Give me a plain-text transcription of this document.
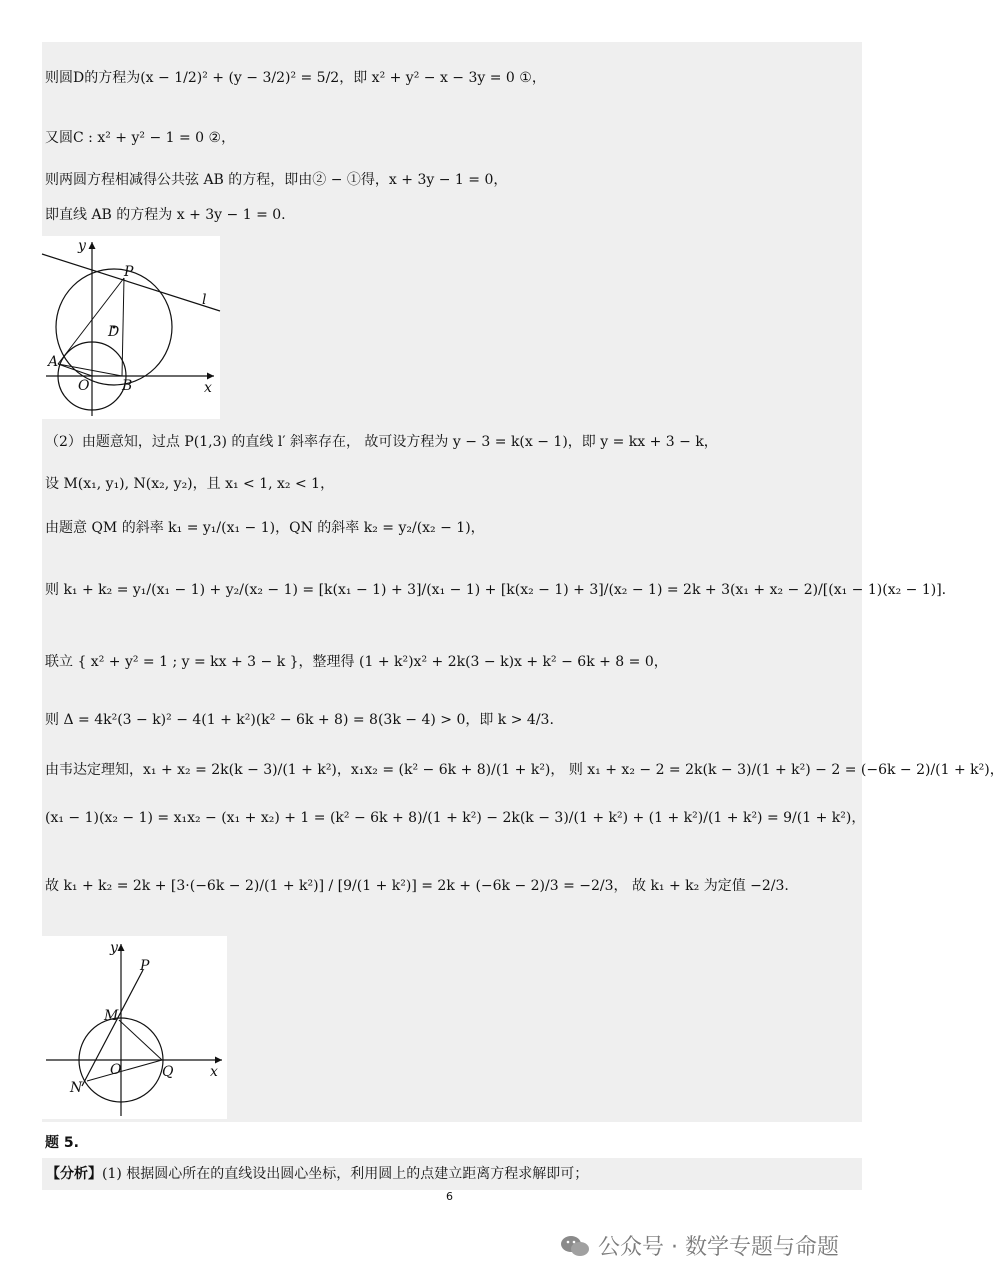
则圆D的方程为(x − 1/2)² + (y − 3/2)² = 5/2，即 x² + y² − x − 3y = 0 ①，
又圆C : x² + y² − 1 = 0 ②，
则两圆方程相减得公共弦 AB 的方程，即由② − ①得，x + 3y − 1 = 0，
即直线 AB 的方程为 x + 3y − 1 = 0.
y
x
P
l
D
A
O B
（2）由题意知，过点 P(1,3) 的直线 l′ 斜率存在， 故可设方程为 y − 3 = k(x − 1)，即 y = kx + 3 − k，
设 M(x₁, y₁), N(x₂, y₂)，且 x₁ < 1, x₂ < 1，
由题意 QM 的斜率 k₁ = y₁/(x₁ − 1)，QN 的斜率 k₂ = y₂/(x₂ − 1)，
则 k₁ + k₂ = y₁/(x₁ − 1) + y₂/(x₂ − 1) = [k(x₁ − 1) + 3]/(x₁ − 1) + [k(x₂ − 1) + 3]/(x₂ − 1) = 2k + 3(x₁ + x₂ − 2)/[(x₁ − 1)(x₂ − 1)].
联立 { x² + y² = 1 ; y = kx + 3 − k }，整理得 (1 + k²)x² + 2k(3 − k)x + k² − 6k + 8 = 0，
则 Δ = 4k²(3 − k)² − 4(1 + k²)(k² − 6k + 8) = 8(3k − 4) > 0，即 k > 4/3.
由韦达定理知，x₁ + x₂ = 2k(k − 3)/(1 + k²)，x₁x₂ = (k² − 6k + 8)/(1 + k²)， 则 x₁ + x₂ − 2 = 2k(k − 3)/(1 + k²) − 2 = (−6k − 2)/(1 + k²)，
(x₁ − 1)(x₂ − 1) = x₁x₂ − (x₁ + x₂) + 1 = (k² − 6k + 8)/(1 + k²) − 2k(k − 3)/(1 + k²) + (1 + k²)/(1 + k²) = 9/(1 + k²)，
故 k₁ + k₂ = 2k + [3·(−6k − 2)/(1 + k²)] / [9/(1 + k²)] = 2k + (−6k − 2)/3 = −2/3， 故 k₁ + k₂ 为定值 −2/3.
y
x
P
M
O	Q
N
题 5.
【分析】(1) 根据圆心所在的直线设出圆心坐标，利用圆上的点建立距离方程求解即可；
6
公众号 · 数学专题与命题
